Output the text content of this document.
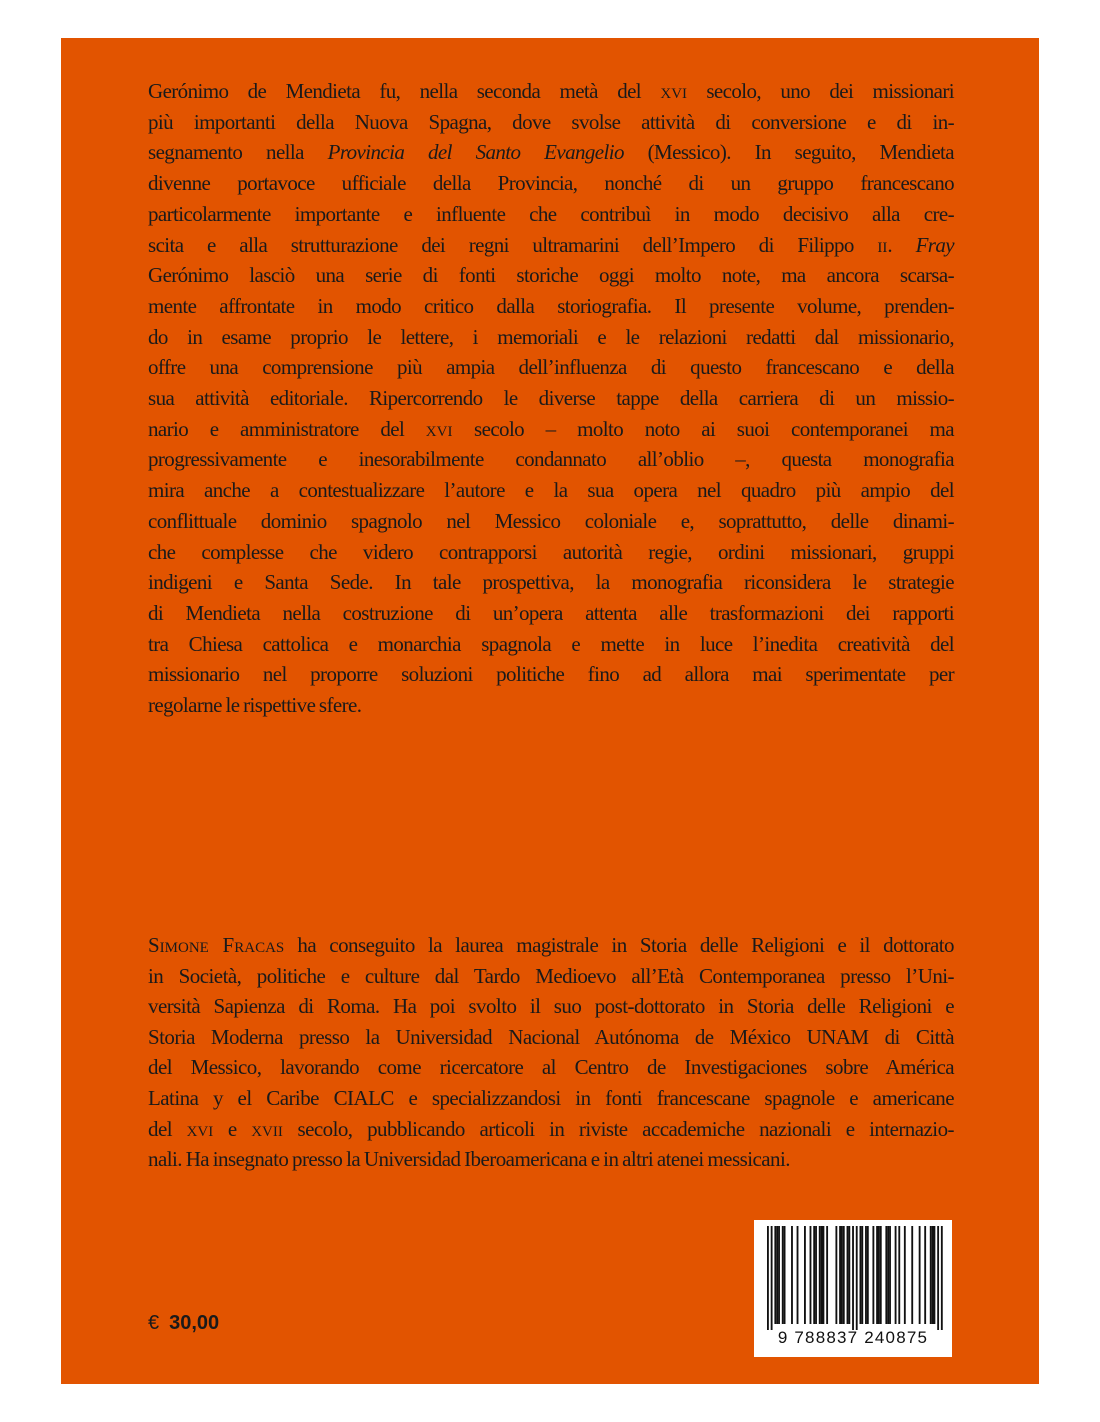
Gerónimo de Mendieta fu, nella seconda metà del xvi secolo, uno dei missionari
più importanti della Nuova Spagna, dove svolse attività di conversione e di in-
segnamento nella Provincia del Santo Evangelio (Messico). In seguito, Mendieta
divenne portavoce ufficiale della Provincia, nonché di un gruppo francescano
particolarmente importante e influente che contribuì in modo decisivo alla cre-
scita e alla strutturazione dei regni ultramarini dell’Impero di Filippo ii. Fray
Gerónimo lasciò una serie di fonti storiche oggi molto note, ma ancora scarsa-
mente affrontate in modo critico dalla storiografia. Il presente volume, prenden-
do in esame proprio le lettere, i memoriali e le relazioni redatti dal missionario,
offre una comprensione più ampia dell’influenza di questo francescano e della
sua attività editoriale. Ripercorrendo le diverse tappe della carriera di un missio-
nario e amministratore del xvi secolo – molto noto ai suoi contemporanei ma
progressivamente e inesorabilmente condannato all’oblio –, questa monografia
mira anche a contestualizzare l’autore e la sua opera nel quadro più ampio del
conflittuale dominio spagnolo nel Messico coloniale e, soprattutto, delle dinami-
che complesse che videro contrapporsi autorità regie, ordini missionari, gruppi
indigeni e Santa Sede. In tale prospettiva, la monografia riconsidera le strategie
di Mendieta nella costruzione di un’opera attenta alle trasformazioni dei rapporti
tra Chiesa cattolica e monarchia spagnola e mette in luce l’inedita creatività del
missionario nel proporre soluzioni politiche fino ad allora mai sperimentate per
regolarne le rispettive sfere.
Simone Fracas ha conseguito la laurea magistrale in Storia delle Religioni e il dottorato
in Società, politiche e culture dal Tardo Medioevo all’Età Contemporanea presso l’Uni-
versità Sapienza di Roma. Ha poi svolto il suo post-dottorato in Storia delle Religioni e
Storia Moderna presso la Universidad Nacional Autónoma de México UNAM di Città
del Messico, lavorando come ricercatore al Centro de Investigaciones sobre América
Latina y el Caribe CIALC e specializzandosi in fonti francescane spagnole e americane
del xvi e xvii secolo, pubblicando articoli in riviste accademiche nazionali e internazio-
nali. Ha insegnato presso la Universidad Iberoamericana e in altri atenei messicani.
9 788837 240875
€ 30,00
